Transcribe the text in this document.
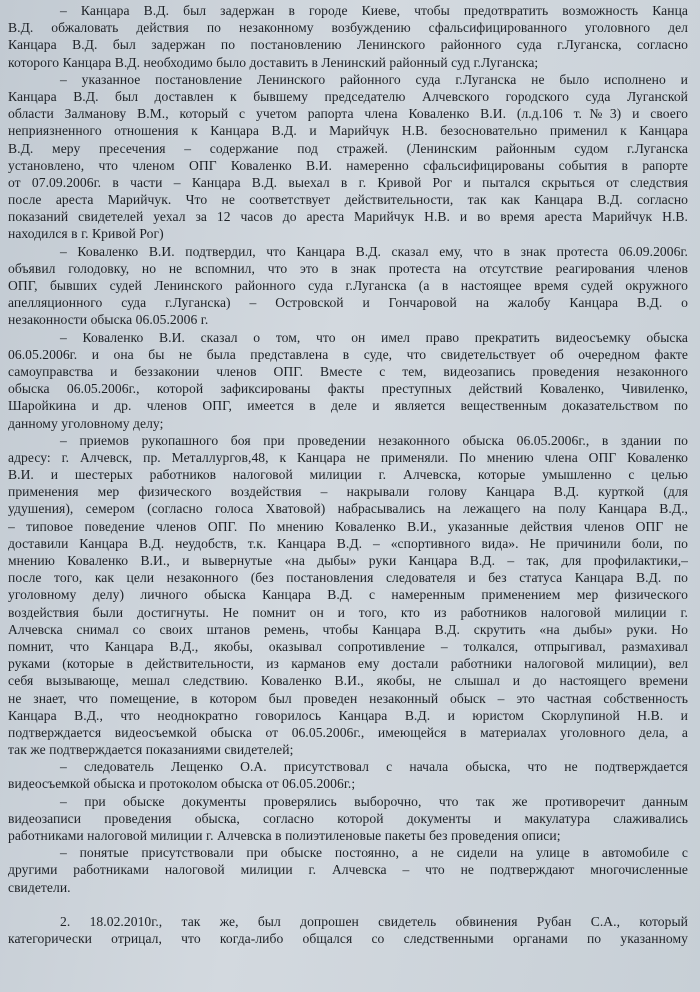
– Канцара В.Д. был задержан в городе Киеве, чтобы предотвратить возможность Канца
В.Д. обжаловать действия по незаконному возбуждению сфальсифицированного уголовного дел
Канцара В.Д. был задержан по постановлению Ленинского районного суда г.Луганска, согласно
которого Канцара В.Д. необходимо было доставить в Ленинский районный суд г.Луганска;
– указанное постановление Ленинского районного суда г.Луганска не было исполнено и
Канцара В.Д. был доставлен к бывшему председателю Алчевского городского суда Луганской
области Залманову В.М., который с учетом рапорта члена Коваленко В.И. (л.д.106 т.№3) и своего
неприязненного отношения к Канцара В.Д. и Марийчук Н.В. безосновательно применил к Канцара
В.Д. меру пресечения – содержание под стражей. (Ленинским районным судом г.Луганска
установлено, что членом ОПГ Коваленко В.И. намеренно сфальсифицированы события в рапорте
от 07.09.2006г. в части – Канцара В.Д. выехал в г. Кривой Рог и пытался скрыться от следствия
после ареста Марийчук. Что не соответствует действительности, так как Канцара В.Д. согласно
показаний свидетелей уехал за 12 часов до ареста Марийчук Н.В. и во время ареста Марийчук Н.В.
находился в г. Кривой Рог)
– Коваленко В.И. подтвердил, что Канцара В.Д. сказал ему, что в знак протеста 06.09.2006г.
объявил голодовку, но не вспомнил, что это в знак протеста на отсутствие реагирования членов
ОПГ, бывших судей Ленинского районного суда г.Луганска (а в настоящее время судей окружного
апелляционного суда г.Луганска) – Островской и Гончаровой на жалобу Канцара В.Д. о
незаконности обыска 06.05.2006 г.
– Коваленко В.И. сказал о том, что он имел право прекратить видеосъемку обыска
06.05.2006г. и она бы не была представлена в суде, что свидетельствует об очередном факте
самоуправства и беззаконии членов ОПГ. Вместе с тем, видеозапись проведения незаконного
обыска 06.05.2006г., которой зафиксированы факты преступных действий Коваленко, Чивиленко,
Шаройкина и др. членов ОПГ, имеется в деле и является вещественным доказательством по
данному уголовному делу;
– приемов рукопашного боя при проведении незаконного обыска 06.05.2006г., в здании по
адресу: г. Алчевск, пр. Металлургов,48, к Канцара не применяли. По мнению члена ОПГ Коваленко
В.И. и шестерых работников налоговой милиции г. Алчевска, которые умышленно с целью
применения мер физического воздействия – накрывали голову Канцара В.Д. курткой (для
удушения), семером (согласно голоса Хватовой) набрасывались на лежащего на полу Канцара В.Д.,
– типовое поведение членов ОПГ. По мнению Коваленко В.И., указанные действия членов ОПГ не
доставили Канцара В.Д. неудобств, т.к. Канцара В.Д. – «спортивного вида». Не причинили боли, по
мнению Коваленко В.И., и вывернутые «на дыбы» руки Канцара В.Д. – так, для профилактики,–
после того, как цели незаконного (без постановления следователя и без статуса Канцара В.Д. по
уголовному делу) личного обыска Канцара В.Д. с намеренным применением мер физического
воздействия были достигнуты. Не помнит он и того, кто из работников налоговой милиции г.
Алчевска снимал со своих штанов ремень, чтобы Канцара В.Д. скрутить «на дыбы» руки. Но
помнит, что Канцара В.Д., якобы, оказывал сопротивление – толкался, отпрыгивал, размахивал
руками (которые в действительности, из карманов ему достали работники налоговой милиции), вел
себя вызывающе, мешал следствию. Коваленко В.И., якобы, не слышал и до настоящего времени
не знает, что помещение, в котором был проведен незаконный обыск – это частная собственность
Канцара В.Д., что неоднократно говорилось Канцара В.Д. и юристом Скорлупиной Н.В. и
подтверждается видеосъемкой обыска от 06.05.2006г., имеющейся в материалах уголовного дела, а
так же подтверждается показаниями свидетелей;
– следователь Лещенко О.А. присутствовал с начала обыска, что не подтверждается
видеосъемкой обыска и протоколом обыска от 06.05.2006г.;
– при обыске документы проверялись выборочно, что так же противоречит данным
видеозаписи проведения обыска, согласно которой документы и макулатура слаживались
работниками налоговой милиции г. Алчевска в полиэтиленовые пакеты без проведения описи;
– понятые присутствовали при обыске постоянно, а не сидели на улице в автомобиле с
другими работниками налоговой милиции г. Алчевска – что не подтверждают многочисленные
свидетели.
2. 18.02.2010г., так же, был допрошен свидетель обвинения Рубан С.А., который
категорически отрицал, что когда-либо общался со следственными органами по указанному
